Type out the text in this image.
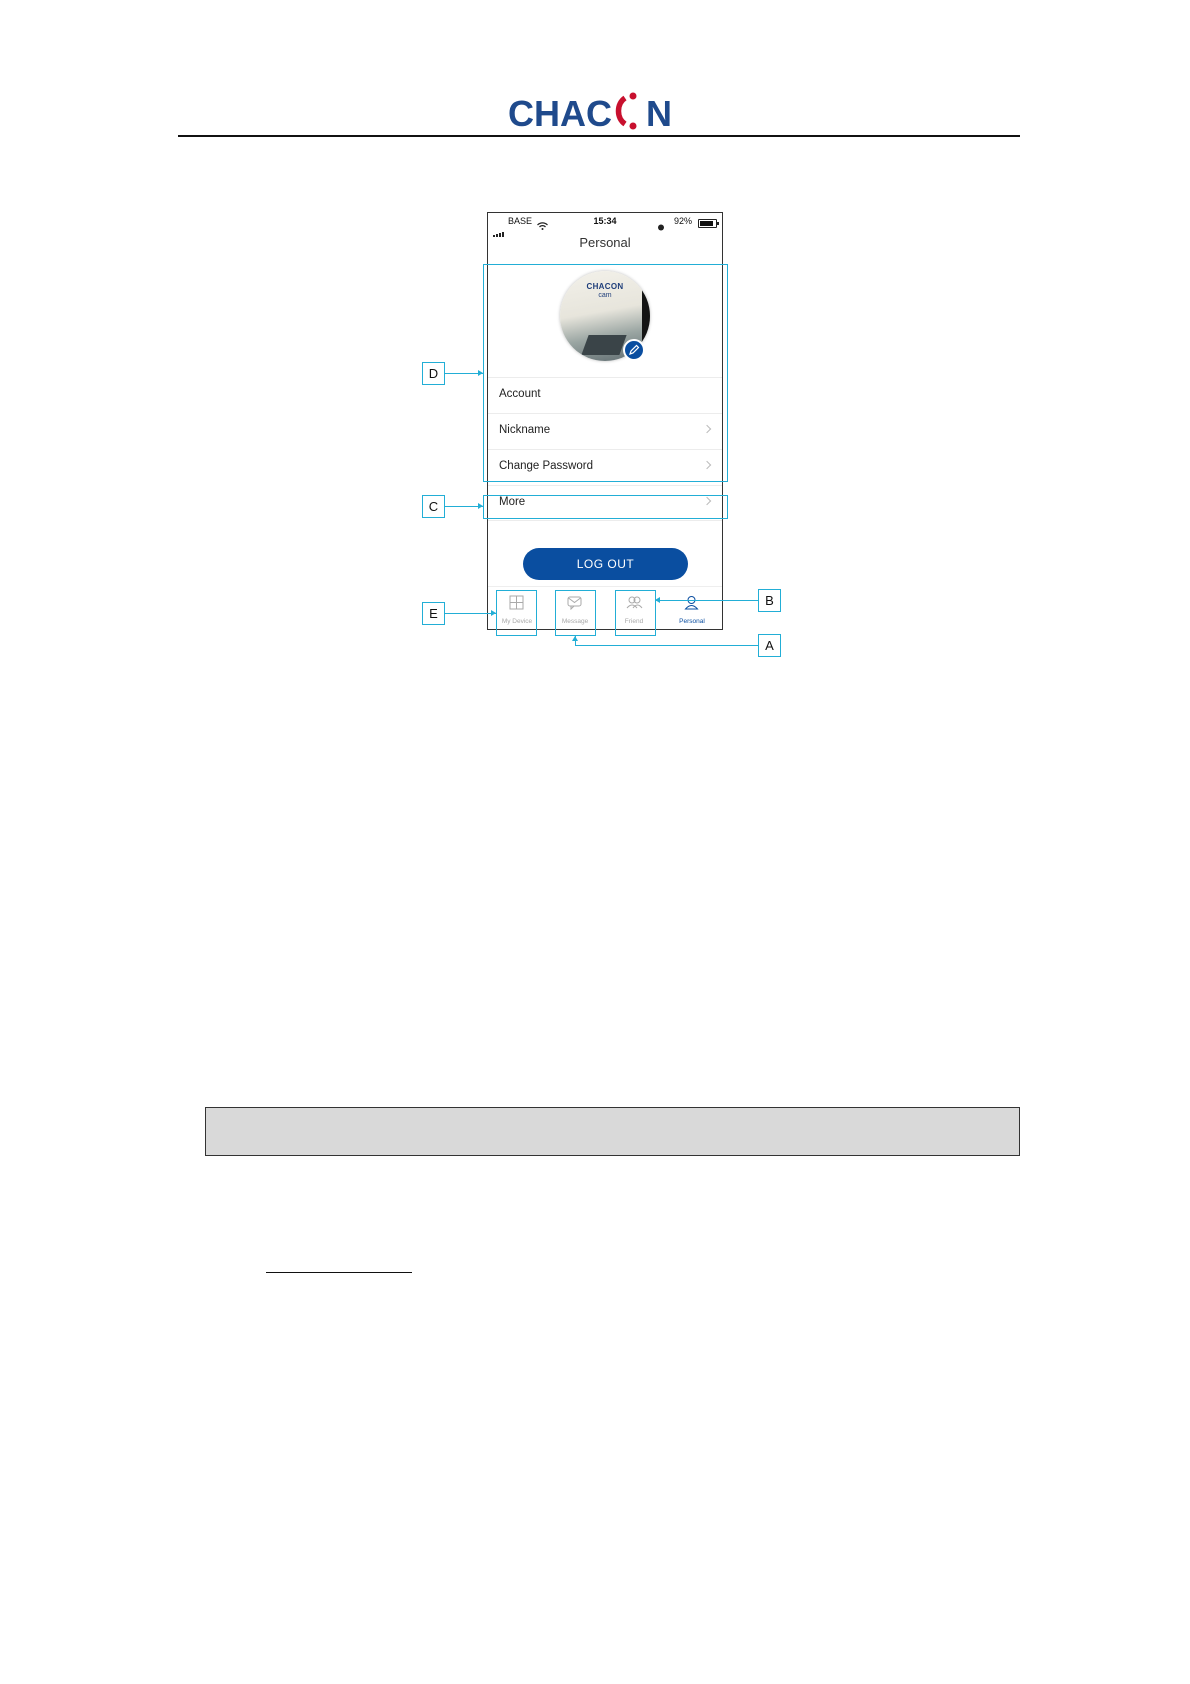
CHAC N
BASE	15:34	92%
Personal
CHACON
cam
Account
Nickname
Change Password
More
LOG OUT
My Device	Message	Friend	Personal
D
C
E
B
A
